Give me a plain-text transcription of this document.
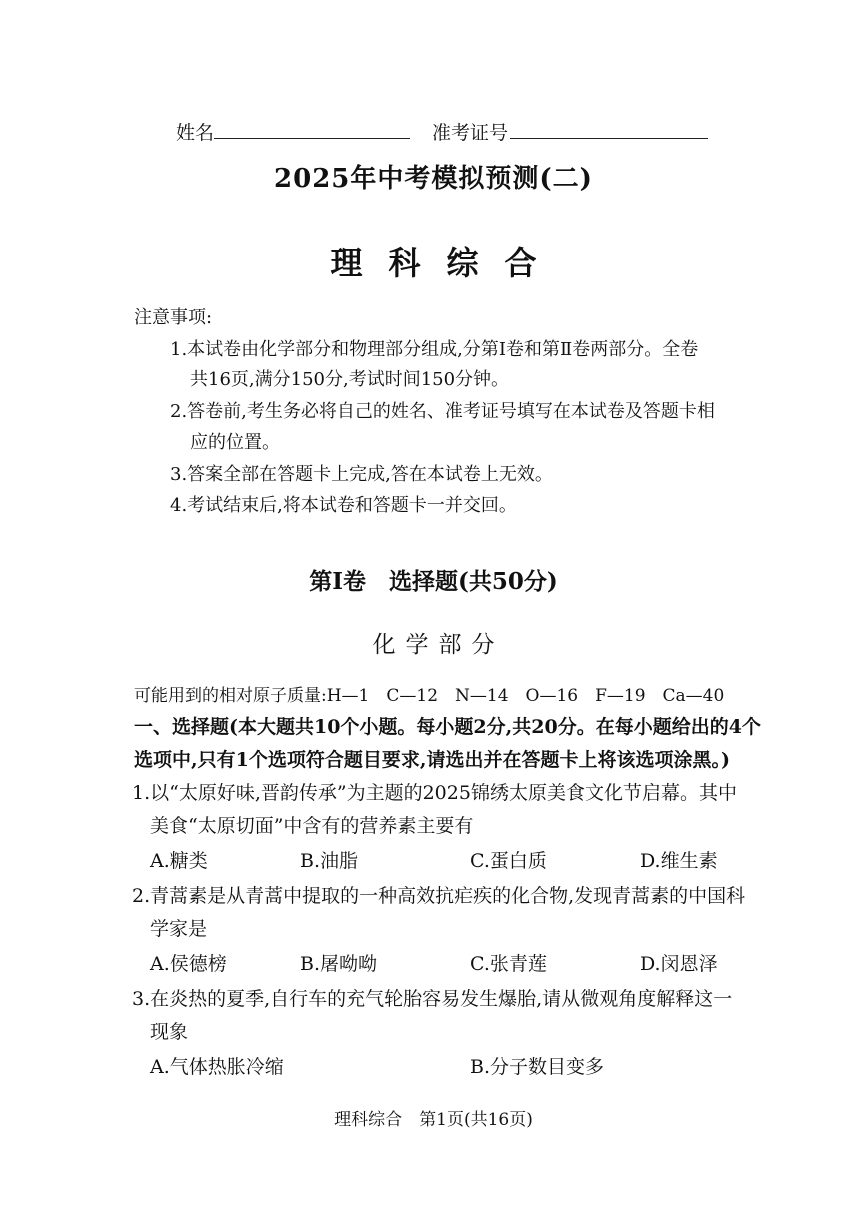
姓名	准考证号
2025年中考模拟预测(二)
理科综合
注意事项:
1.本试卷由化学部分和物理部分组成,分第Ⅰ卷和第Ⅱ卷两部分。全卷
共16页,满分150分,考试时间150分钟。
2.答卷前,考生务必将自己的姓名、准考证号填写在本试卷及答题卡相
应的位置。
3.答案全部在答题卡上完成,答在本试卷上无效。
4.考试结束后,将本试卷和答题卡一并交回。
第Ⅰ卷　选择题(共50分)
化学部分
可能用到的相对原子质量:H—1　C—12　N—14　O—16　F—19　Ca—40
一、选择题(本大题共10个小题。每小题2分,共20分。在每小题给出的4个
选项中,只有1个选项符合题目要求,请选出并在答题卡上将该选项涂黑。)
1.以“太原好味,晋韵传承”为主题的2025锦绣太原美食文化节启幕。其中
美食“太原切面”中含有的营养素主要有
A.糖类	B.油脂	C.蛋白质	D.维生素
2.青蒿素是从青蒿中提取的一种高效抗疟疾的化合物,发现青蒿素的中国科
学家是
A.侯德榜	B.屠呦呦	C.张青莲	D.闵恩泽
3.在炎热的夏季,自行车的充气轮胎容易发生爆胎,请从微观角度解释这一
现象
A.气体热胀冷缩	B.分子数目变多
理科综合　第1页(共16页)
